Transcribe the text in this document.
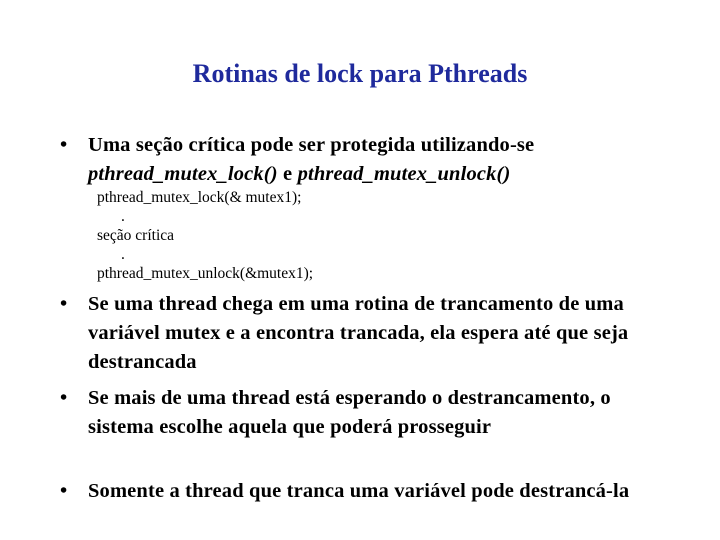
Rotinas de lock para Pthreads
• Uma seção crítica pode ser protegida utilizando-se
pthread_mutex_lock() e pthread_mutex_unlock()
pthread_mutex_lock(& mutex1);
.
seção crítica
.
pthread_mutex_unlock(&mutex1);
• Se uma thread chega em uma rotina de trancamento de uma variável mutex e a encontra trancada, ela espera até que seja destrancada
• Se mais de uma thread está esperando o destrancamento, o sistema escolhe aquela que poderá prosseguir
• Somente a thread que tranca uma variável pode destrancá-la
